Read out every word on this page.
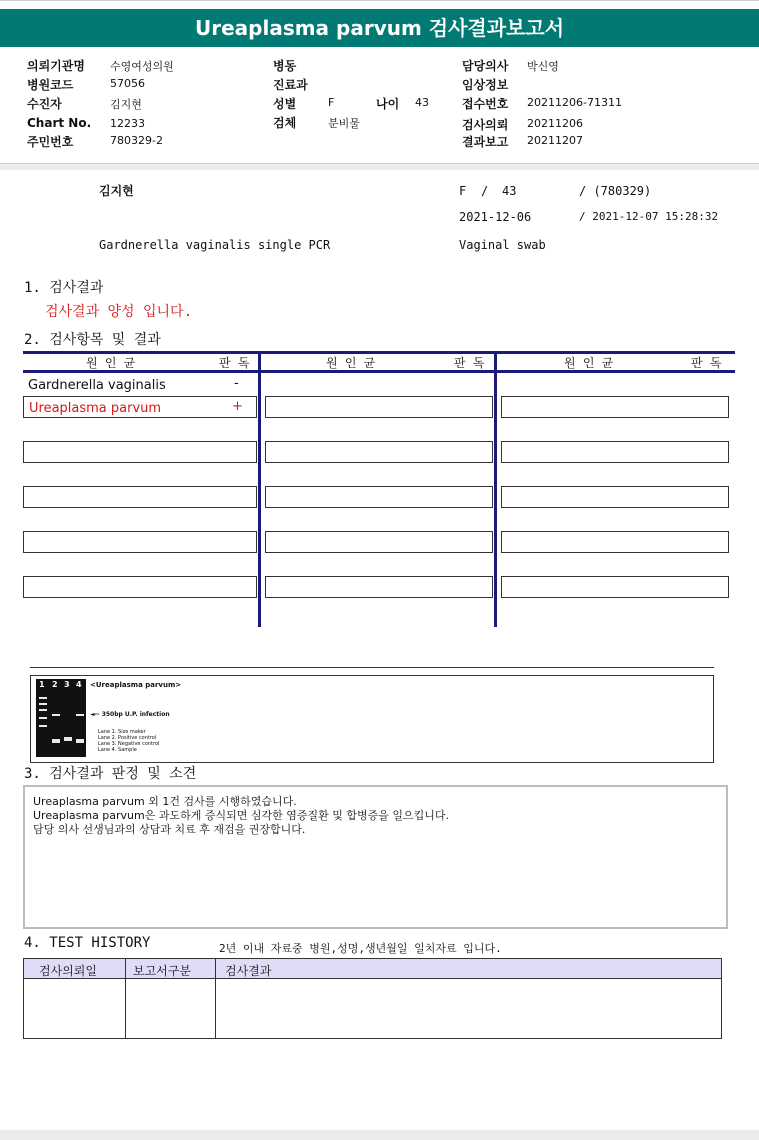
Ureaplasma parvum 검사결과보고서
의뢰기관명 수영여성의원
병원코드	57056
수진자	김지현
Chart No. 12233
주민번호	780329-2
병동
진료과
성별	F	나이 43
검체	분비물
담당의사 박신영
임상정보
접수번호 20211206-71311
검사의뢰 20211206
결과보고 20211207
김지현	F / 43	/ (780329)
2021-12-06	/ 2021-12-07 15:28:32
Gardnerella vaginalis single PCR	Vaginal swab
1. 검사결과
검사결과 양성 입니다.
2. 검사항목 및 결과
원 인 균	판 독	원 인 균	판 독	원 인 균	판 독
Gardnerella vaginalis	-
Ureaplasma parvum	+
1 2 3 4 <Ureaplasma parvum>
◄-- 350bp U.P. infection
Lane 1. Size maker
Lane 2. Positive control
Lane 3. Negative control
Lane 4. Sample
3. 검사결과 판정 및 소견
Ureaplasma parvum 외 1건 검사를 시행하였습니다.
Ureaplasma parvum은 과도하게 증식되면 심각한 염증질환 및 합병증을 일으킵니다.
담당 의사 선생님과의 상담과 치료 후 재검을 권장합니다.
4. TEST HISTORY	2년 이내 자료중 병원,성명,생년월일 일치자료 입니다.
검사의뢰일	보고서구분	검사결과
